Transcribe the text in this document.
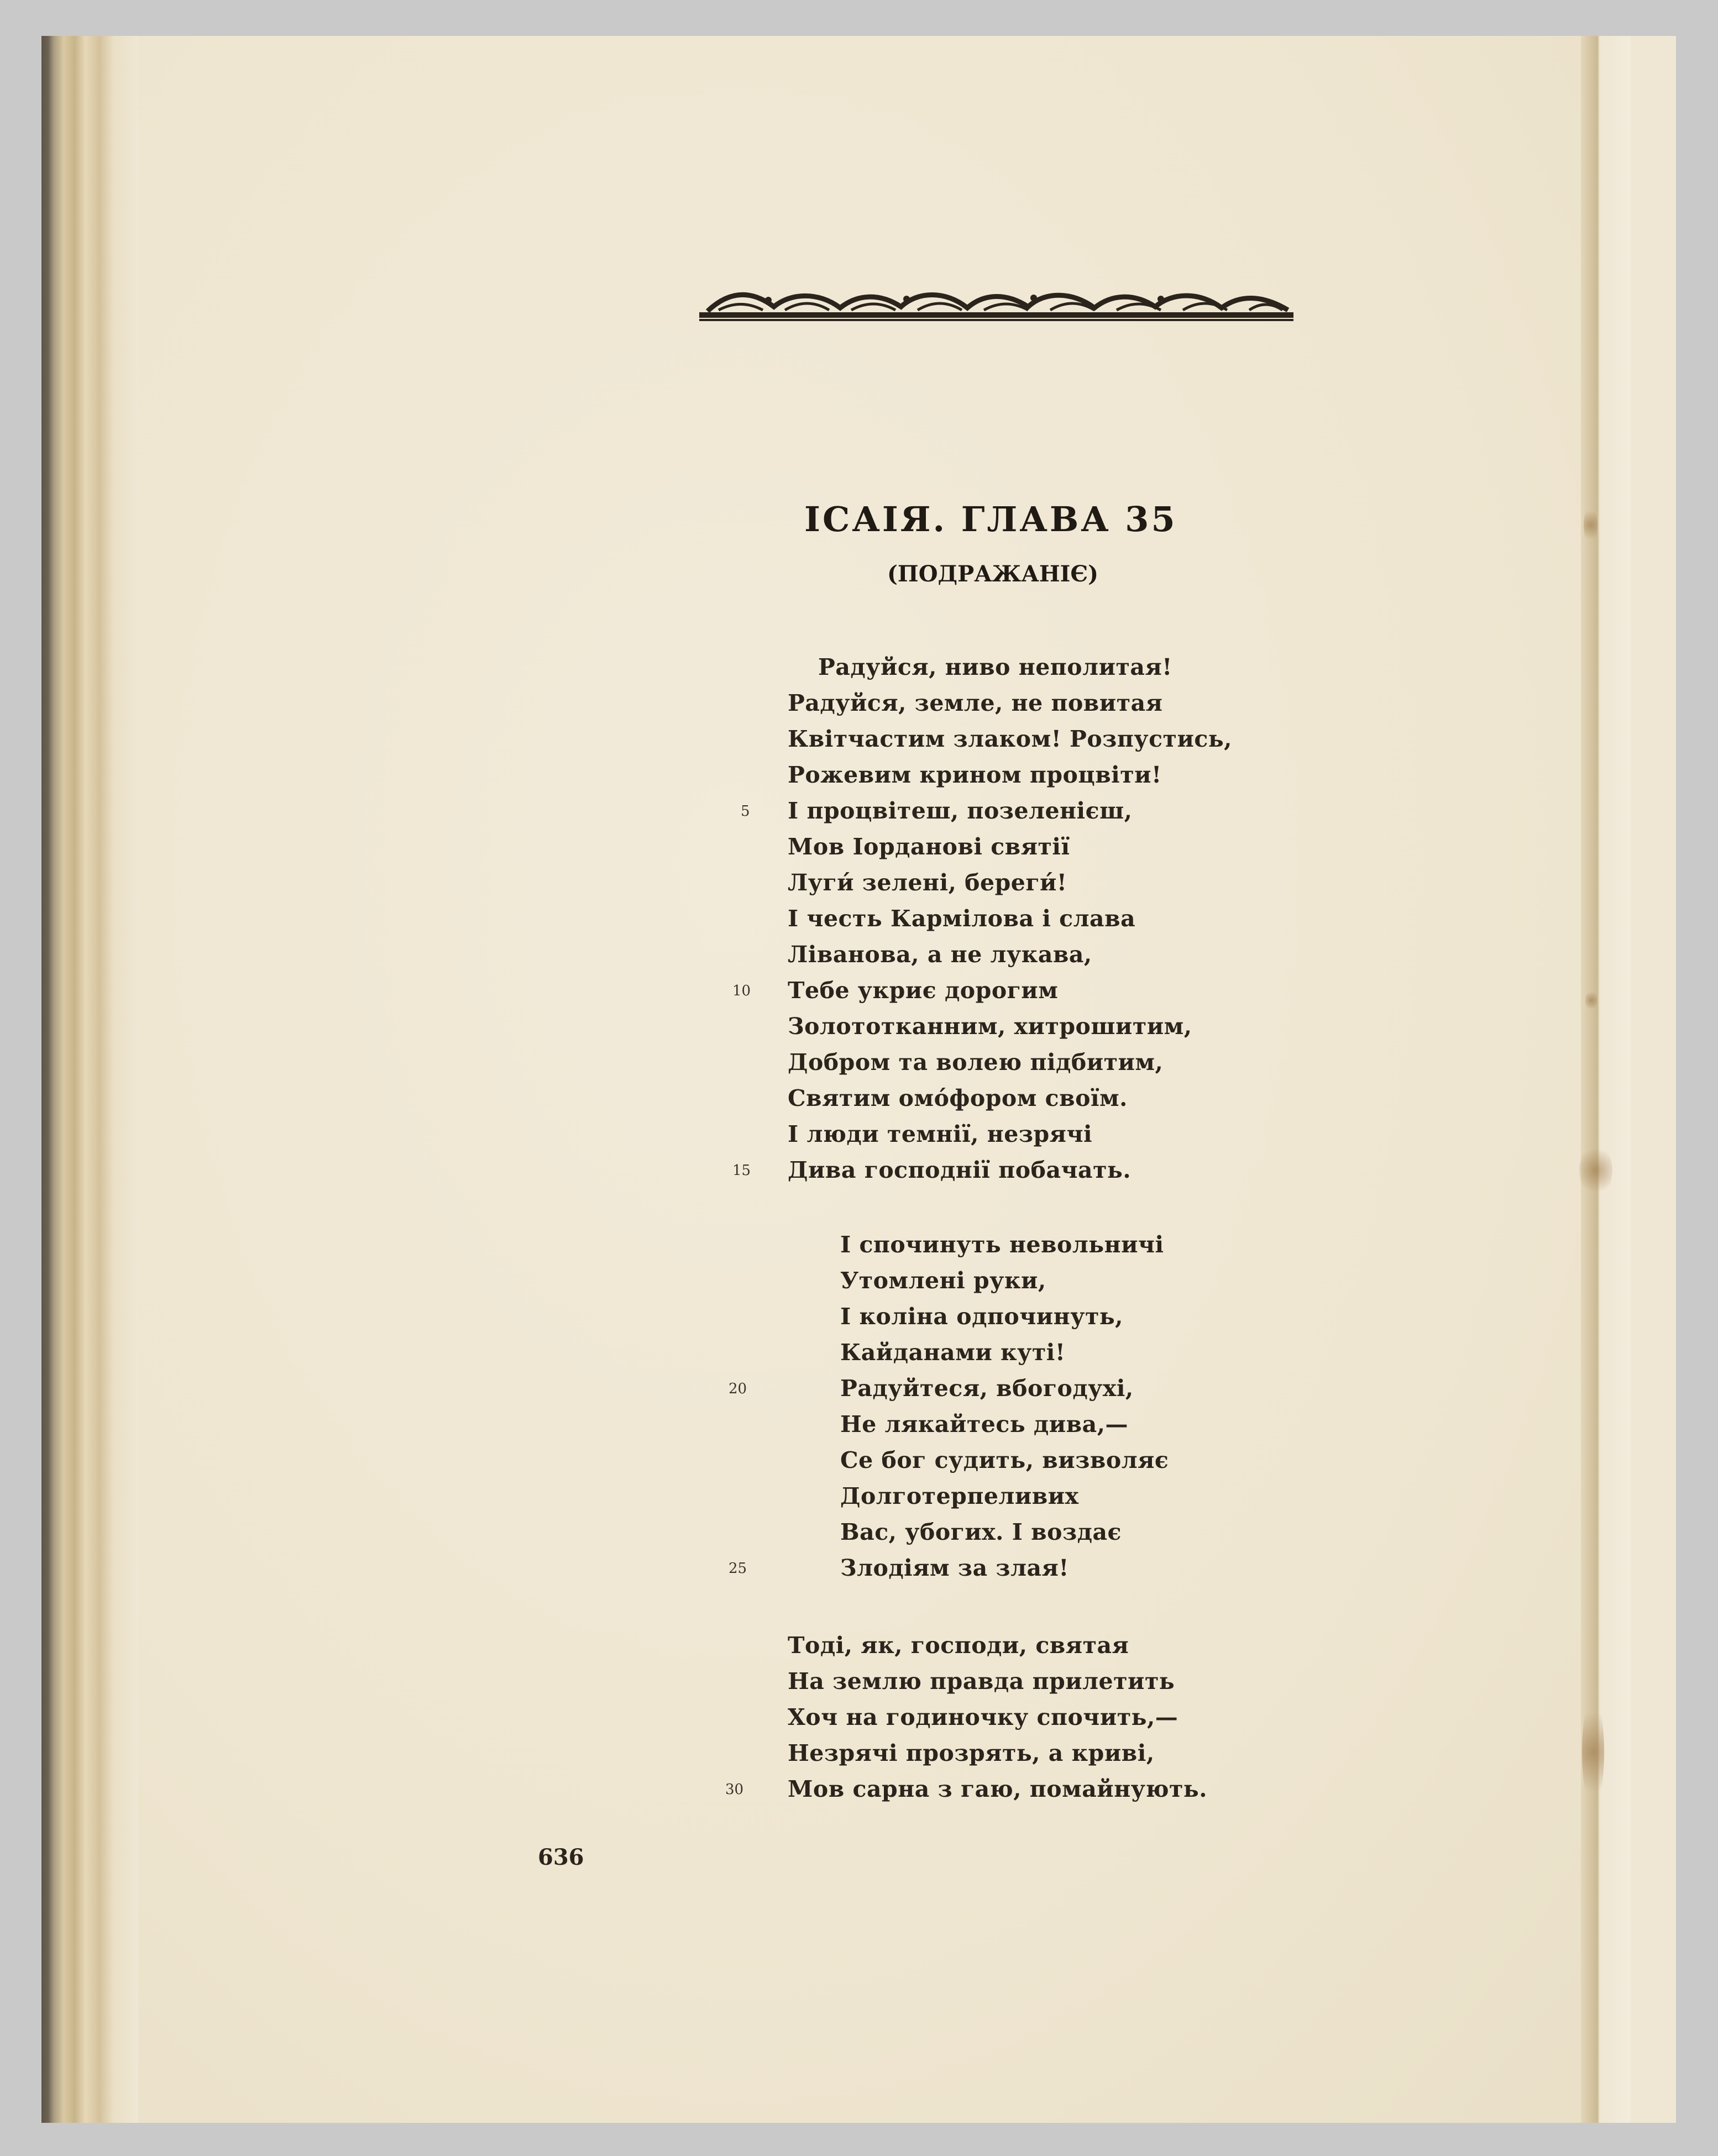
ІСАІЯ. ГЛАВА 35
(ПОДРАЖАНІЄ)
Радуйся, ниво неполитая!
Радуйся, земле, не повитая
Квітчастим злаком! Розпустись,
Рожевим крином процвіти!
І процвітеш, позеленієш,
Мов Іорданові святії
Луги́ зелені, береги́!
І честь Кармілова і слава
Ліванова, а не лукава,
Тебе укриє дорогим
Золототканним, хитрошитим,
Добром та волею підбитим,
Святим омо́фором своїм.
І люди темнії, незрячі
Дива господнії побачать.
І спочинуть невольничі
Утомлені руки,
І коліна одпочинуть,
Кайданами куті!
Радуйтеся, вбогодухі,
Не лякайтесь дива,—
Се бог судить, визволяє
Долготерпеливих
Вас, убогих. І воздає
Злодіям за злая!
Тоді, як, господи, святая
На землю правда прилетить
Хоч на годиночку спочить,—
Незрячі прозрять, а криві,
Мов сарна з гаю, помайнують.
5
10
15
20
25
30
636
